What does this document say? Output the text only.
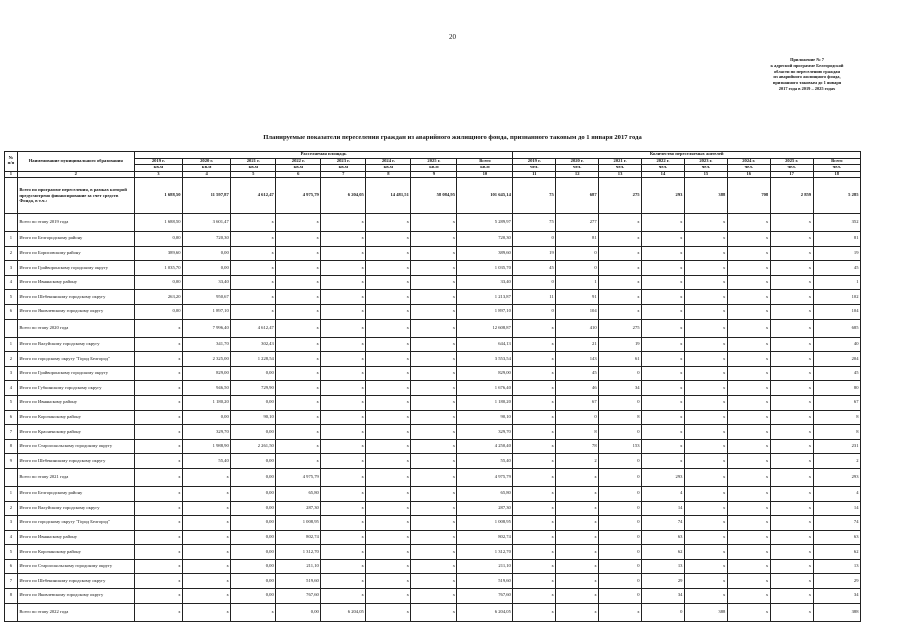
20
Приложение № 7
к адресной программе Белгородской
области по переселению граждан
из аварийного жилищного фонда,
признанного таковым до 1 января
2017 года в 2019 – 2025 годах
Планируемые показатели переселения граждан из аварийного жилищного фонда, признанного таковым до 1 января 2017 года
№ п/п	Наименование муниципального образования	Расселяемая площадь								Количество переселяемых жителей							
		2019 г.	2020 г.	2021 г.	2022 г.	2023 г.	2024 г.	2025 г.	Всего	2019 г.	2020 г.	2021 г.	2022 г.	2023 г.	2024 г.	2025 г.	Всего
		кв.м	кв.м	кв.м	кв.м	кв.м	кв.м	кв.м	кв.м	чел.	чел.	чел.	чел.	чел.	чел.	чел.	чел.
1	2	3	4	5	6	7	8	9	10	11	12	13	14	15	16	17	18
	Всего по программе переселения, в рамках которой предусмотрено финансирование за счет средств Фонда, в т.ч.:	1 688,50	11 597,87	4 612,47	4 975,79	6 204,05	14 481,51	58 084,95	101 645,14	75	687	275	293	388	708	2 859	5 285
	Всего по этапу 2019 года	1 688,50	3 601,47	x	x	x	x	x	5 289,97	75	277	x	x	x	x	x	352
1	Итого по Белгородскому району	0,00	720,30	x	x	x	x	x	720,30	0	81	x	x	x	x	x	81
2	Итого по Борисовскому району	389,60	0,00	x	x	x	x	x	389,60	19	0	x	x	x	x	x	19
3	Итого по Грайворонскому городскому округу	1 035,70	0,00	x	x	x	x	x	1 035,70	45	0	x	x	x	x	x	45
4	Итого по Ивнянскому району	0,00	33,40	x	x	x	x	x	33,40	0	1	x	x	x	x	x	1
5	Итого по Шебекинскому городскому округу	263,20	950,67	x	x	x	x	x	1 213,87	11	91	x	x	x	x	x	102
6	Итого по Яковлевскому городскому округу	0,00	1 897,10	x	x	x	x	x	1 897,10	0	104	x	x	x	x	x	104
	Всего по этапу 2020 года	x	7 996,40	4 612,47	x	x	x	x	12 608,87	x	410	275	x	x	x	x	685
1	Итого по Валуйскому городскому округу	x	341,70	302,43	x	x	x	x	644,13	x	21	19	x	x	x	x	40
2	Итого по городскому округу "Город Белгород"	x	2 325,00	1 228,54	x	x	x	x	3 553,54	x	143	61	x	x	x	x	204
3	Итого по Грайворонскому городскому округу	x	829,00	0,00	x	x	x	x	829,00	x	45	0	x	x	x	x	45
4	Итого по Губкинскому городскому округу	x	946,50	729,90	x	x	x	x	1 676,40	x	46	34	x	x	x	x	80
5	Итого по Ивнянскому району	x	1 180,20	0,00	x	x	x	x	1 180,20	x	67	0	x	x	x	x	67
6	Итого по Корочанскому району	x	0,00	90,10	x	x	x	x	90,10	x	0	8	x	x	x	x	8
7	Итого по Красненскому району	x	329,70	0,00	x	x	x	x	329,70	x	8	0	x	x	x	x	8
8	Итого по Старооскольскому городскому округу	x	1 988,90	2 261,50	x	x	x	x	4 250,40	x	78	153	x	x	x	x	231
9	Итого по Шебекинскому городскому округу	x	55,40	0,00	x	x	x	x	55,40	x	2	0	x	x	x	x	2
	Всего по этапу 2021 года	x	x	0,00	4 975,79	x	x	x	4 975,79	x	x	0	293	x	x	x	293
1	Итого по Белгородскому району	x	x	0,00	65,80	x	x	x	65,80	x	x	0	4	x	x	x	4
2	Итого по Валуйскому городскому округу	x	x	0,00	287,30	x	x	x	287,30	x	x	0	14	x	x	x	14
3	Итого по городскому округу "Город Белгород"	x	x	0,00	1 008,95	x	x	x	1 008,95	x	x	0	74	x	x	x	74
4	Итого по Ивнянскому району	x	x	0,00	802,74	x	x	x	802,74	x	x	0	63	x	x	x	63
5	Итого по Корочанскому району	x	x	0,00	1 312,70	x	x	x	1 312,70	x	x	0	62	x	x	x	62
6	Итого по Старооскольскому городскому округу	x	x	0,00	211,10	x	x	x	211,10	x	x	0	13	x	x	x	13
7	Итого по Шебекинскому городскому округу	x	x	0,00	519,60	x	x	x	519,60	x	x	0	29	x	x	x	29
8	Итого по Яковлевскому городскому округу	x	x	0,00	767,60	x	x	x	767,60	x	x	0	34	x	x	x	34
	Всего по этапу 2022 года	x	x	x	0,00	6 204,05	x	x	6 204,05	x	x	x	0	388	x	x	388
